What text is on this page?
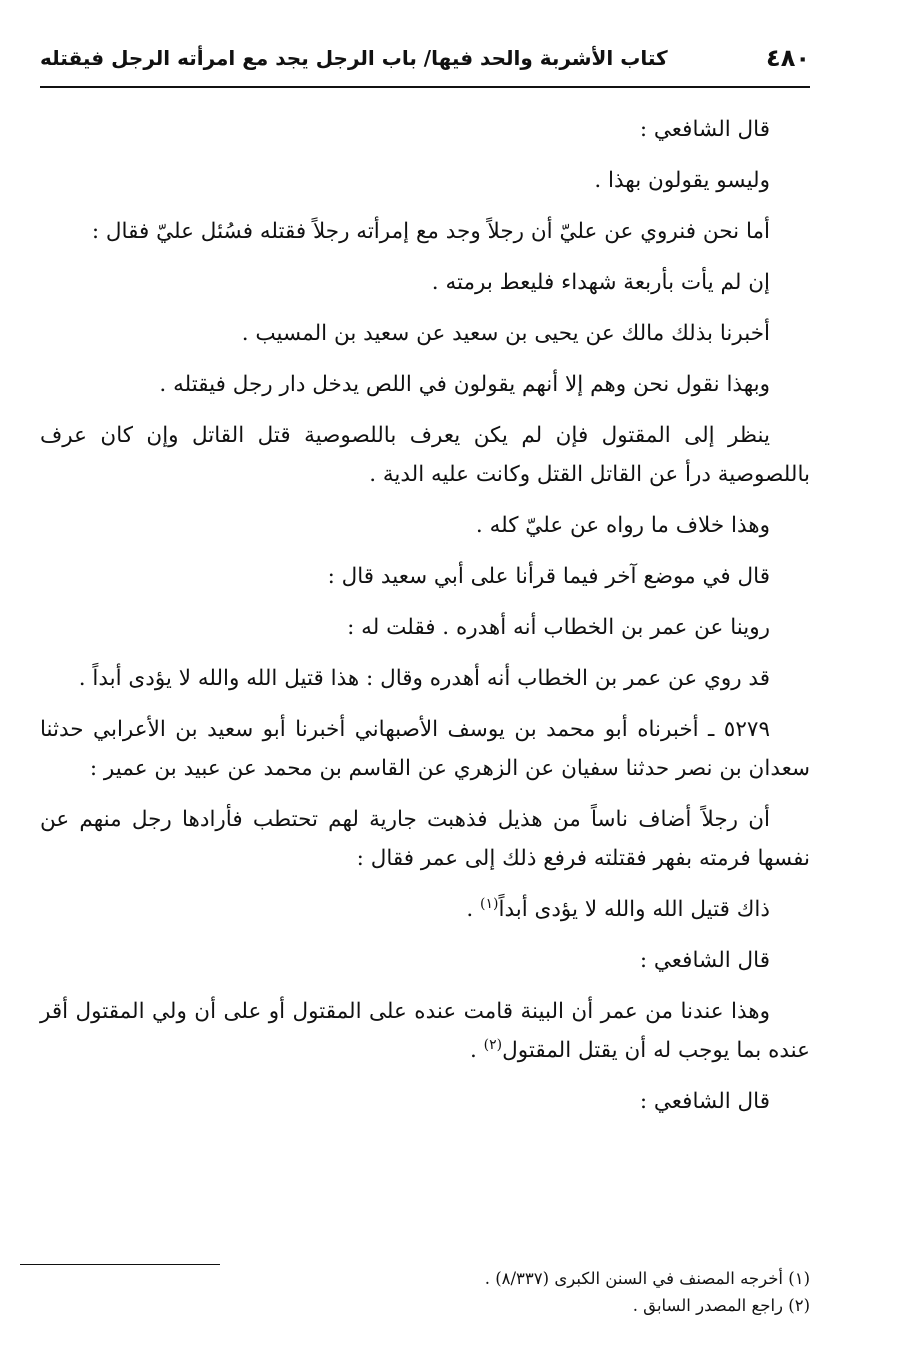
٤٨٠
كتاب الأشربة والحد فيها/ باب الرجل يجد مع امرأته الرجل فيقتله

قال الشافعي :

وليسو يقولون بهذا .

أما نحن فنروي عن عليّ أن رجلاً وجد مع إمرأته رجلاً فقتله فسُئل عليّ فقال :

إن لم يأت بأربعة شهداء فليعط برمته .

أخبرنا بذلك مالك عن يحيى بن سعيد عن سعيد بن المسيب .

وبهذا نقول نحن وهم إلا أنهم يقولون في اللص يدخل دار رجل فيقتله .

ينظر إلى المقتول فإن لم يكن يعرف باللصوصية قتل القاتل وإن كان عرف باللصوصية درأ عن القاتل القتل وكانت عليه الدية .

وهذا خلاف ما رواه عن عليّ كله .

قال في موضع آخر فيما قرأنا على أبي سعيد قال :

روينا عن عمر بن الخطاب أنه أهدره . فقلت له :

قد روي عن عمر بن الخطاب أنه أهدره وقال : هذا قتيل الله والله لا يؤدى أبداً .

٥٢٧٩ ـ أخبرناه أبو محمد بن يوسف الأصبهاني أخبرنا أبو سعيد بن الأعرابي حدثنا سعدان بن نصر حدثنا سفيان عن الزهري عن القاسم بن محمد عن عبيد بن عمير :

أن رجلاً أضاف ناساً من هذيل فذهبت جارية لهم تحتطب فأرادها رجل منهم عن نفسها فرمته بفهر فقتلته فرفع ذلك إلى عمر فقال :

ذاك قتيل الله والله لا يؤدى أبداً$^{(١)}$ .

قال الشافعي :

وهذا عندنا من عمر أن البينة قامت عنده على المقتول أو على أن ولي المقتول أقر عنده بما يوجب له أن يقتل المقتول$^{(٢)}$ .

قال الشافعي :

(١) أخرجه المصنف في السنن الكبرى (٨/٣٣٧) .

(٢) راجع المصدر السابق .
